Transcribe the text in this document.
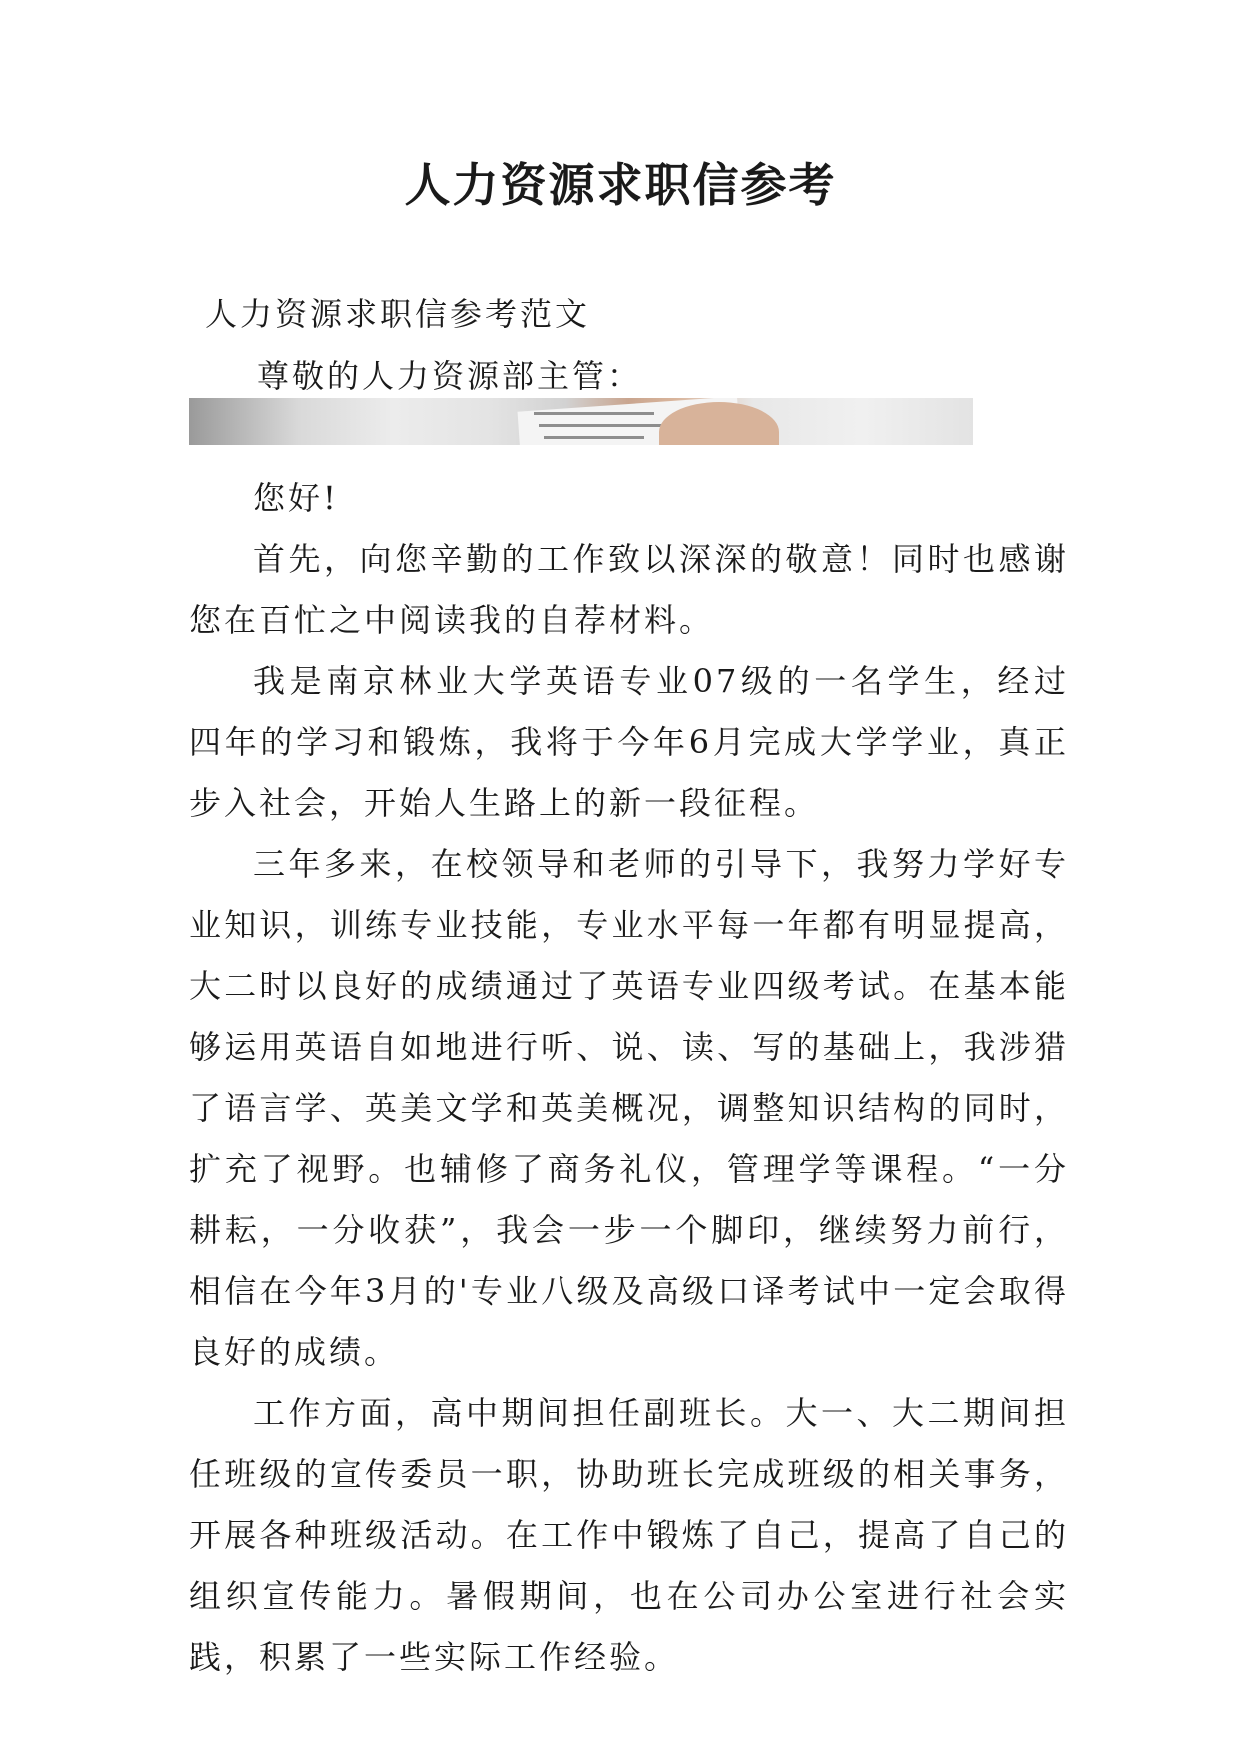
人力资源求职信参考
人力资源求职信参考范文
尊敬的人力资源部主管：

您好!

首先，向您辛勤的工作致以深深的敬意！同时也感谢您在百忙之中阅读我的自荐材料。

我是南京林业大学英语专业07级的一名学生，经过四年的学习和锻炼，我将于今年6月完成大学学业，真正步入社会，开始人生路上的新一段征程。

三年多来，在校领导和老师的引导下，我努力学好专业知识，训练专业技能，专业水平每一年都有明显提高，大二时以良好的成绩通过了英语专业四级考试。在基本能够运用英语自如地进行听、说、读、写的基础上，我涉猎了语言学、英美文学和英美概况，调整知识结构的同时，扩充了视野。也辅修了商务礼仪，管理学等课程。“一分耕耘，一分收获”，我会一步一个脚印，继续努力前行，相信在今年3月的'专业八级及高级口译考试中一定会取得良好的成绩。

工作方面，高中期间担任副班长。大一、大二期间担任班级的宣传委员一职，协助班长完成班级的相关事务，开展各种班级活动。在工作中锻炼了自己，提高了自己的组织宣传能力。暑假期间，也在公司办公室进行社会实践，积累了一些实际工作经验。
